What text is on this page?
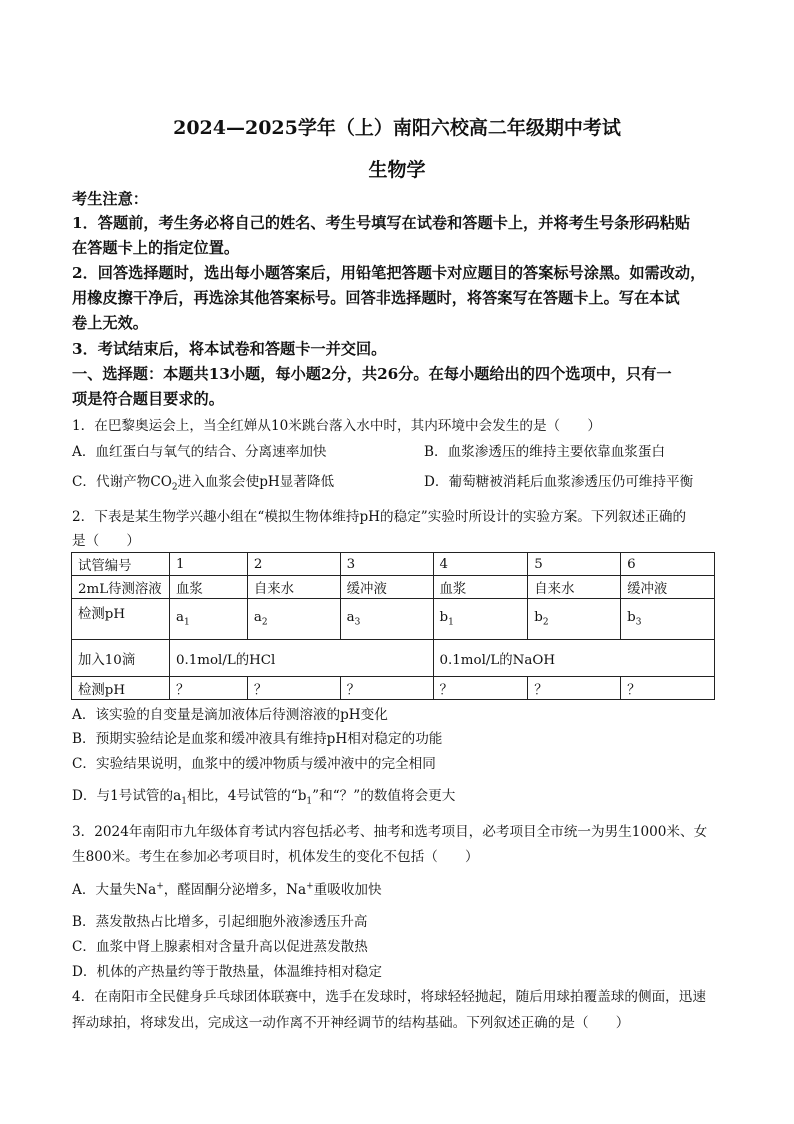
2024—2025学年（上）南阳六校高二年级期中考试
生物学
考生注意：
1．答题前，考生务必将自己的姓名、考生号填写在试卷和答题卡上，并将考生号条形码粘贴
在答题卡上的指定位置。
2．回答选择题时，选出每小题答案后，用铅笔把答题卡对应题目的答案标号涂黑。如需改动，
用橡皮擦干净后，再选涂其他答案标号。回答非选择题时，将答案写在答题卡上。写在本试
卷上无效。
3．考试结束后，将本试卷和答题卡一并交回。
一、选择题：本题共13小题，每小题2分，共26分。在每小题给出的四个选项中，只有一
项是符合题目要求的。
1．在巴黎奥运会上，当全红婵从10米跳台落入水中时，其内环境中会发生的是（　　）
A．血红蛋白与氧气的结合、分离速率加快	B．血浆渗透压的维持主要依靠血浆蛋白
C．代谢产物$CO_2$进入血浆会使pH显著降低	D．葡萄糖被消耗后血浆渗透压仍可维持平衡
2．下表是某生物学兴趣小组在“模拟生物体维持pH的稳定”实验时所设计的实验方案。下列叙述正确的
是（　　）
试管编号	1	2	3	4	5	6
2mL待测溶液	血浆	自来水	缓冲液	血浆	自来水	缓冲液
检测pH	$a_1$	$a_2$	$a_3$	$b_1$	$b_2$	$b_3$
加入10滴	0.1mol/L的HCl			0.1mol/L的NaOH		
检测pH	？	？	？	？	？	？
A．该实验的自变量是滴加液体后待测溶液的pH变化
B．预期实验结论是血浆和缓冲液具有维持pH相对稳定的功能
C．实验结果说明，血浆中的缓冲物质与缓冲液中的完全相同
D．与1号试管的$a_1$相比，4号试管的“$b_1$”和“？”的数值将会更大
3．2024年南阳市九年级体育考试内容包括必考、抽考和选考项目，必考项目全市统一为男生1000米、女
生800米。考生在参加必考项目时，机体发生的变化不包括（　　）
A．大量失Na+，醛固酮分泌增多，Na+重吸收加快
B．蒸发散热占比增多，引起细胞外液渗透压升高
C．血浆中肾上腺素相对含量升高以促进蒸发散热
D．机体的产热量约等于散热量，体温维持相对稳定
4．在南阳市全民健身乒乓球团体联赛中，选手在发球时，将球轻轻抛起，随后用球拍覆盖球的侧面，迅速
挥动球拍，将球发出，完成这一动作离不开神经调节的结构基础。下列叙述正确的是（　　）
